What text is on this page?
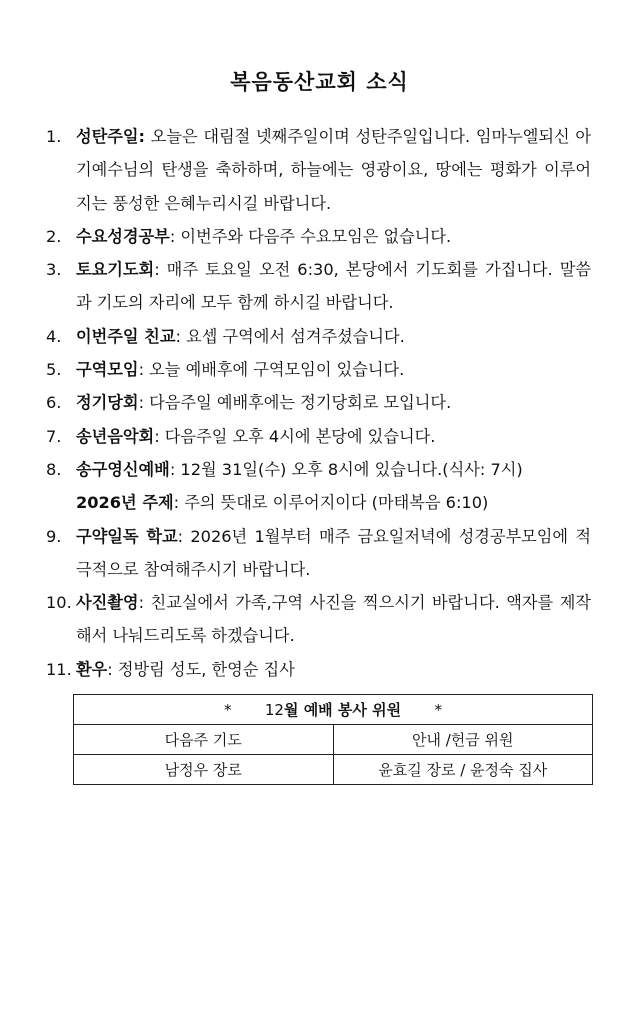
복음동산교회 소식
1. 성탄주일: 오늘은 대림절 넷째주일이며 성탄주일입니다. 임마누엘되신 아기예수님의 탄생을 축하하며, 하늘에는 영광이요, 땅에는 평화가 이루어지는 풍성한 은혜누리시길 바랍니다.
2. 수요성경공부: 이번주와 다음주 수요모임은 없습니다.
3. 토요기도회: 매주 토요일 오전 6:30, 본당에서 기도회를 가집니다. 말씀과 기도의 자리에 모두 함께 하시길 바랍니다.
4. 이번주일 친교: 요셉 구역에서 섬겨주셨습니다.
5. 구역모임: 오늘 예배후에 구역모임이 있습니다.
6. 정기당회: 다음주일 예배후에는 정기당회로 모입니다.
7. 송년음악회: 다음주일 오후 4시에 본당에 있습니다.
8. 송구영신예배: 12월 31일(수) 오후 8시에 있습니다.(식사: 7시)
2026년 주제: 주의 뜻대로 이루어지이다 (마태복음 6:10)
9. 구약일독 학교: 2026년 1월부터 매주 금요일저녁에 성경공부모임에 적극적으로 참여해주시기 바랍니다.
10. 사진촬영: 친교실에서 가족,구역 사진을 찍으시기 바랍니다. 액자를 제작해서 나눠드리도록 하겠습니다.
11. 환우: 정방림 성도, 한영순 집사
* 12월 예배 봉사 위원 *	
다음주 기도	안내 /헌금 위원
남정우 장로	윤효길 장로 / 윤정숙 집사
